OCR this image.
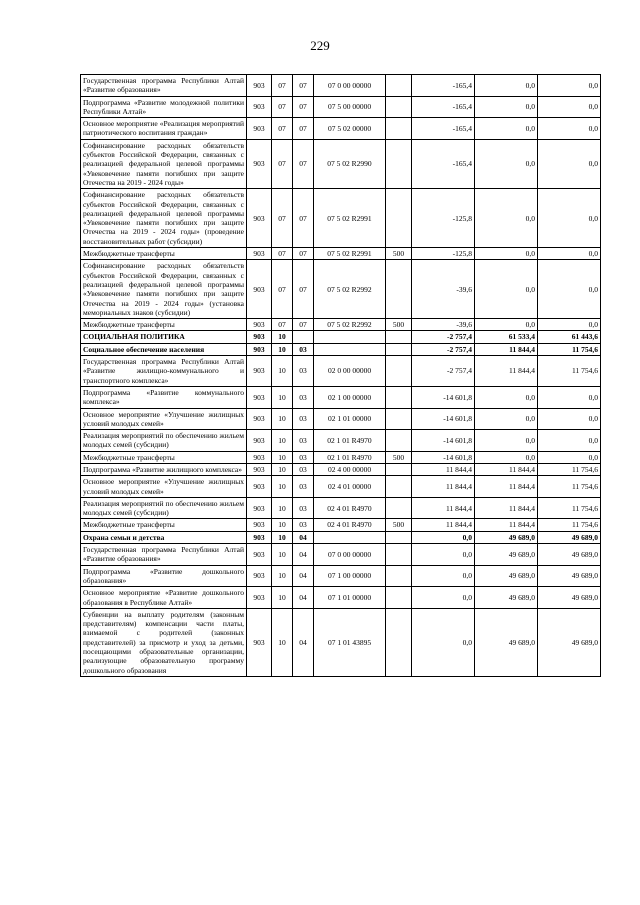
229
Государственная программа Республики Алтай «Развитие образования»	903	07	07	07 0 00 00000		-165,4	0,0	0,0
Подпрограмма «Развитие молодежной политики Республики Алтай»	903	07	07	07 5 00 00000		-165,4	0,0	0,0
Основное мероприятие «Реализация мероприятий патриотического воспитания граждан»	903	07	07	07 5 02 00000		-165,4	0,0	0,0
Софинансирование расходных обязательств субъектов Российской Федерации, связанных с реализацией федеральной целевой программы «Увековечение памяти погибших при защите Отечества на 2019 - 2024 годы»	903	07	07	07 5 02 R2990		-165,4	0,0	0,0
Софинансирование расходных обязательств субъектов Российской Федерации, связанных с реализацией федеральной целевой программы «Увековечение памяти погибших при защите Отечества на 2019 - 2024 годы» (проведение восстановительных работ (субсидии)	903	07	07	07 5 02 R2991		-125,8	0,0	0,0
Межбюджетные трансферты	903	07	07	07 5 02 R2991	500	-125,8	0,0	0,0
Софинансирование расходных обязательств субъектов Российской Федерации, связанных с реализацией федеральной целевой программы «Увековечение памяти погибших при защите Отечества на 2019 - 2024 годы» (установка мемориальных знаков (субсидии)	903	07	07	07 5 02 R2992		-39,6	0,0	0,0
Межбюджетные трансферты	903	07	07	07 5 02 R2992	500	-39,6	0,0	0,0
СОЦИАЛЬНАЯ ПОЛИТИКА	903	10				-2 757,4	61 533,4	61 443,6
Социальное обеспечение населения	903	10	03			-2 757,4	11 844,4	11 754,6
Государственная программа Республики Алтай «Развитие жилищно-коммунального и транспортного комплекса»	903	10	03	02 0 00 00000		-2 757,4	11 844,4	11 754,6
Подпрограмма «Развитие коммунального комплекса»	903	10	03	02 1 00 00000		-14 601,8	0,0	0,0
Основное мероприятие «Улучшение жилищных условий молодых семей»	903	10	03	02 1 01 00000		-14 601,8	0,0	0,0
Реализация мероприятий по обеспечению жильем молодых семей (субсидии)	903	10	03	02 1 01 R4970		-14 601,8	0,0	0,0
Межбюджетные трансферты	903	10	03	02 1 01 R4970	500	-14 601,8	0,0	0,0
Подпрограмма «Развитие жилищного комплекса»	903	10	03	02 4 00 00000		11 844,4	11 844,4	11 754,6
Основное мероприятие «Улучшение жилищных условий молодых семей»	903	10	03	02 4 01 00000		11 844,4	11 844,4	11 754,6
Реализация мероприятий по обеспечению жильем молодых семей (субсидии)	903	10	03	02 4 01 R4970		11 844,4	11 844,4	11 754,6
Межбюджетные трансферты	903	10	03	02 4 01 R4970	500	11 844,4	11 844,4	11 754,6
Охрана семьи и детства	903	10	04			0,0	49 689,0	49 689,0
Государственная программа Республики Алтай «Развитие образования»	903	10	04	07 0 00 00000		0,0	49 689,0	49 689,0
Подпрограмма «Развитие дошкольного образования»	903	10	04	07 1 00 00000		0,0	49 689,0	49 689,0
Основное мероприятие «Развитие дошкольного образования в Республике Алтай»	903	10	04	07 1 01 00000		0,0	49 689,0	49 689,0
Субвенции на выплату родителям (законным представителям) компенсации части платы, взимаемой с родителей (законных представителей) за присмотр и уход за детьми, посещающими образовательные организации, реализующие образовательную программу дошкольного образования	903	10	04	07 1 01 43895		0,0	49 689,0	49 689,0
